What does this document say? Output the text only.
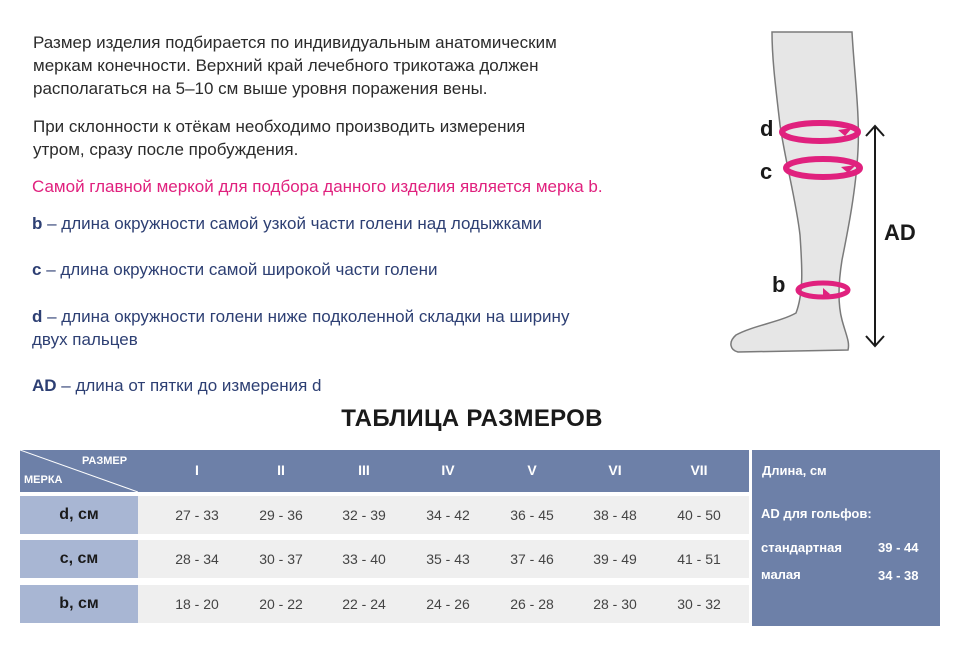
Размер изделия подбирается по индивидуальным анатомическим
меркам конечности. Верхний край лечебного трикотажа должен
располагаться на 5–10 см выше уровня поражения вены.

При склонности к отёкам необходимо производить измерения
утром, сразу после пробуждения.

Самой главной меркой для подбора данного изделия является мерка b.

b – длина окружности самой узкой части голени над лодыжками

c – длина окружности самой широкой части голени

d – длина окружности голени ниже подколенной складки на ширину
двух пальцев

AD – длина от пятки до измерения d

d
c
b
AD
ТАБЛИЦА РАЗМЕРОВ
РАЗМЕР
МЕРКА
I	II	III	IV	V	VI	VII
d, см	27 - 33	29 - 36	32 - 39	34 - 42	36 - 45	38 - 48	40 - 50
c, см	28 - 34	30 - 37	33 - 40	35 - 43	37 - 46	39 - 49	41 - 51
b, см	18 - 20	20 - 22	22 - 24	24 - 26	26 - 28	28 - 30	30 - 32
Длина, см
AD для гольфов:
стандартная	39 - 44
малая	34 - 38
